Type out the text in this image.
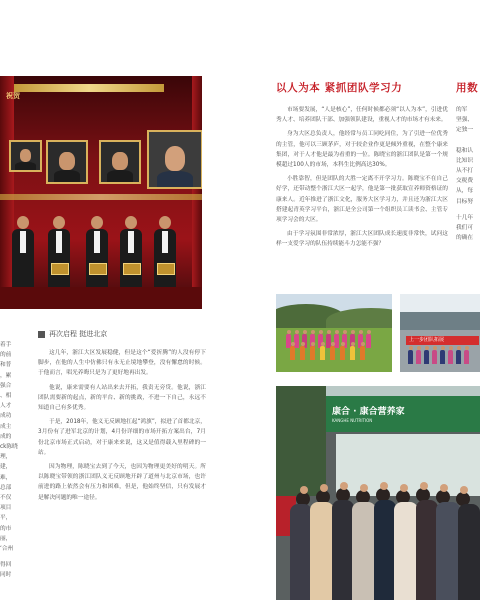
祝贺
着手
的前
和普
，累
强合
、相
人才
成功
成主
成的
ck陈晓
理，
建，
难，
总部
不仅
项目
平，
的市
丽，
‘合州
得回
同时
再次启程 挺进北京

这几年，浙江大区发展稳健，但是这个“爱折腾”的人没有停下脚步，在他的人生中仿佛只有永无止境地攀登，没有懈怠的时候。于他而言，唱光养晦只是为了更好地再出发。

他说，康来需要有人站出来去开拓，我责无旁贷。他说，浙江团队需要新的起点，新的平台、新的挑战，不进一下自己，永远不知道自己有多优秀。

于是，2018年，他义无反顾地扛起“鸿旗”，拟进了首都北京，3月份有了进军北京的计划，4月份详细的市场开拓方案出台，7月份北京市场正式启动，对于康来来说，这又是值得载入里程碑的一站。

因为物理，陈晓宝去到了今天，也因为物理更美好的明天。所以陈晓宝带领的浙江团队义无反顾地开辟了道州与北京市场，也许前进的路上依然会有压力和困难，但是，他始终坚信，只有发展才是解决问题的唯一途径。

以人为本 紧抓团队学习力

市场要发展，“人是核心”，任何时候都必须“以人为本”，引进优秀人才、培养团队干部、加强领队建设，重视人才的市场才有未来。

身为大区总负责人，他经常与员工同吃同住，为了引进一位优秀的主管，他可以三顾茅庐，对于较企业作更是倾外重视，在整个康来集团，对于人才他是最为看重的一位。陈晓宝的浙江团队是第一个规模超过100人的市场，本科生比例高达30%。

小胜靠智，但是团队的大胜一定离不开学习力。陈晓宝不在自己好学，还带动整个浙江大区一起学，他是第一批获取宣养师资格证的康来人。近年推进了浙江文化，服务大区学习力，并且还为浙江大区搭建起青英学习平台，浙江是全公司第一个组织员工读书会、主管专项学习会的大区。

由于学习氛围非常浓厚，浙江大区团队成长速度非常快，试问这样一支爱学习的队伍持续能斗力怎能不强？

用数
的军
坚强、
定独一
稳和认
比知识
从不打
交税费
从，每
目标努
十几年
我们可
的确在
上一步团队拓展
康合 · 康合营养家
KANGHE NUTRITION
